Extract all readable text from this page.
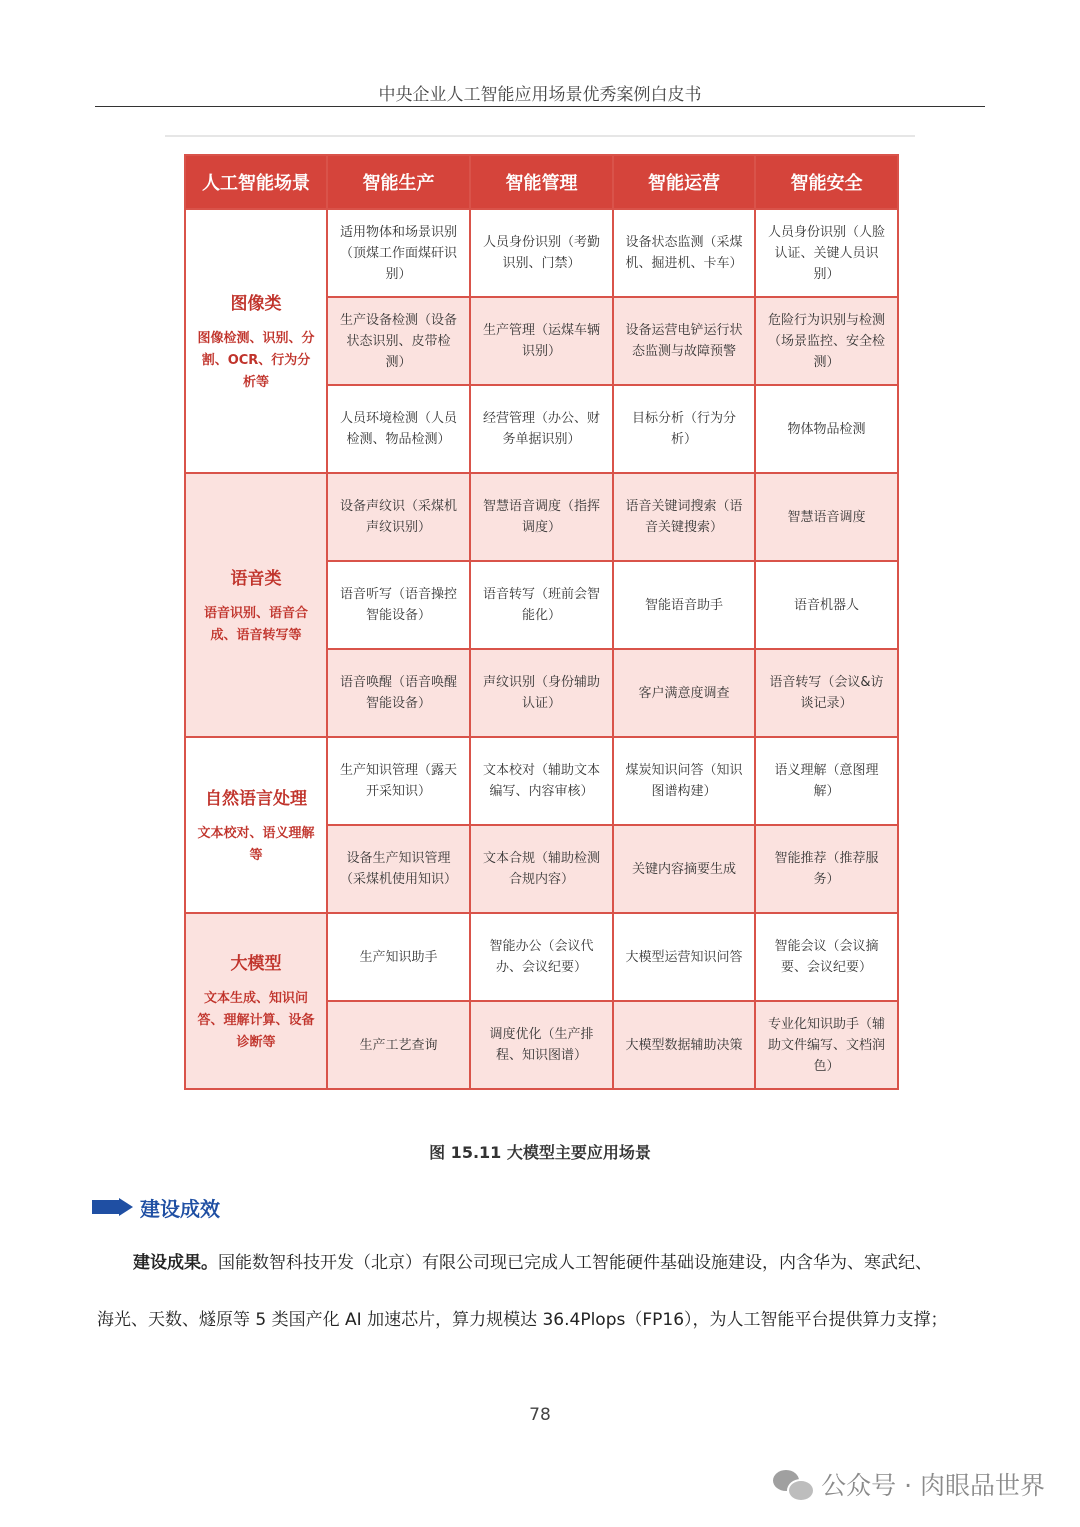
中央企业人工智能应用场景优秀案例白皮书
人工智能场景	智能生产	智能管理	智能运营	智能安全

图像类
图像检测、识别、分割、OCR、行为分析等	适用物体和场景识别（顶煤工作面煤矸识别）	人员身份识别（考勤识别、门禁）	设备状态监测（采煤机、掘进机、卡车）	人员身份识别（人脸认证、关键人员识别）
	生产设备检测（设备状态识别、皮带检测）	生产管理（运煤车辆识别）	设备运营电铲运行状态监测与故障预警	危险行为识别与检测（场景监控、安全检测）
	人员环境检测（人员检测、物品检测）	经营管理（办公、财务单据识别）	目标分析（行为分析）	物体物品检测

语音类
语音识别、语音合成、语音转写等	设备声纹识（采煤机声纹识别）	智慧语音调度（指挥调度）	语音关键词搜索（语音关键搜索）	智慧语音调度
	语音听写（语音操控智能设备）	语音转写（班前会智能化）	智能语音助手	语音机器人
	语音唤醒（语音唤醒智能设备）	声纹识别（身份辅助认证）	客户满意度调查	语音转写（会议&访谈记录）

自然语言处理
文本校对、语义理解等	生产知识管理（露天开采知识）	文本校对（辅助文本编写、内容审核）	煤炭知识问答（知识图谱构建）	语义理解（意图理解）
	设备生产知识管理（采煤机使用知识）	文本合规（辅助检测合规内容）	关键内容摘要生成	智能推荐（推荐服务）

大模型
文本生成、知识问答、理解计算、设备诊断等	生产知识助手	智能办公（会议代办、会议纪要）	大模型运营知识问答	智能会议（会议摘要、会议纪要）
	生产工艺查询	调度优化（生产排程、知识图谱）	大模型数据辅助决策	专业化知识助手（辅助文件编写、文档润色）
图 15.11 大模型主要应用场景
建设成效
建设成果。国能数智科技开发（北京）有限公司现已完成人工智能硬件基础设施建设，内含华为、寒武纪、
海光、天数、燧原等 5 类国产化 AI 加速芯片，算力规模达 36.4Plops（FP16），为人工智能平台提供算力支撑；
78
公众号 · 肉眼品世界
